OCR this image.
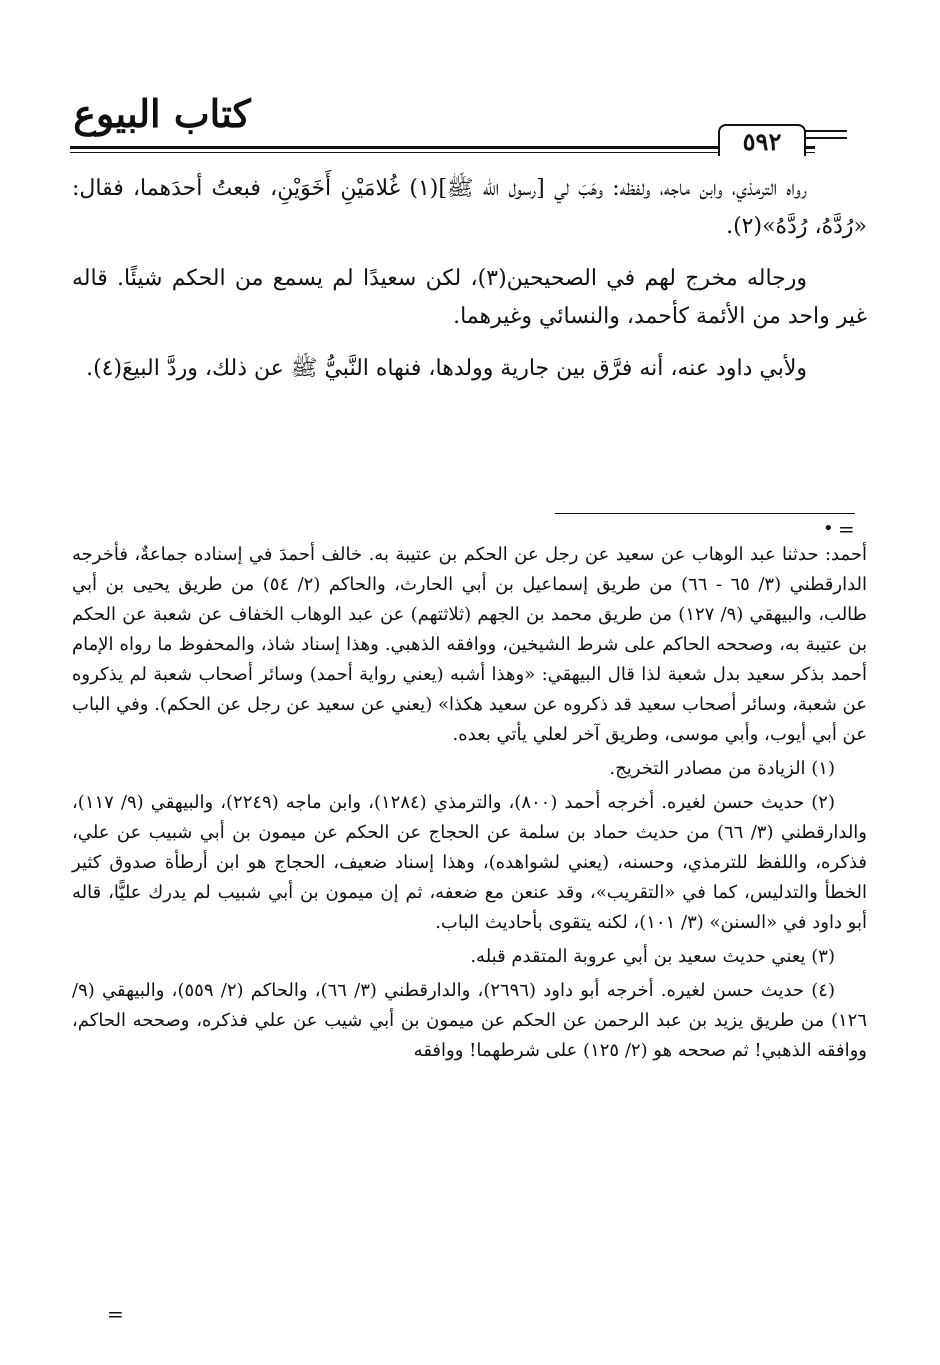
كتاب البيوع
٥٩٢

رواه الترمذي، وابن ماجه، ولفظه: وهَبَ لي [رسول الله ﷺ](١) غُلامَيْنِ أَخَوَيْنِ، فبعتُ أحدَهما، فقال: «رُدَّهُ، رُدَّهُ»(٢).

ورجاله مخرج لهم في الصحيحين(٣)، لكن سعيدًا لم يسمع من الحكم شيئًا. قاله غير واحد من الأئمة كأحمد، والنسائي وغيرهما.

ولأبي داود عنه، أنه فرَّق بين جارية وولدها، فنهاه النَّبيُّ ﷺ عن ذلك، وردَّ البيعَ(٤).

=
•

أحمد: حدثنا عبد الوهاب عن سعيد عن رجل عن الحكم بن عتيبة به. خالف أحمدَ في إسناده جماعةٌ، فأخرجه الدارقطني (٣/ ٦٥ - ٦٦) من طريق إسماعيل بن أبي الحارث، والحاكم (٢/ ٥٤) من طريق يحيى بن أبي طالب، والبيهقي (٩/ ١٢٧) من طريق محمد بن الجهم (ثلاثتهم) عن عبد الوهاب الخفاف عن شعبة عن الحكم بن عتيبة به، وصححه الحاكم على شرط الشيخين، ووافقه الذهبي. وهذا إسناد شاذ، والمحفوظ ما رواه الإمام أحمد بذكر سعيد بدل شعبة لذا قال البيهقي: «وهذا أشبه (يعني رواية أحمد) وسائر أصحاب شعبة لم يذكروه عن شعبة، وسائر أصحاب سعيد قد ذكروه عن سعيد هكذا» (يعني عن سعيد عن رجل عن الحكم). وفي الباب عن أبي أيوب، وأبي موسى، وطريق آخر لعلي يأتي بعده.

(١) الزيادة من مصادر التخريج.

(٢) حديث حسن لغيره. أخرجه أحمد (٨٠٠)، والترمذي (١٢٨٤)، وابن ماجه (٢٢٤٩)، والبيهقي (٩/ ١١٧)، والدارقطني (٣/ ٦٦) من حديث حماد بن سلمة عن الحجاج عن الحكم عن ميمون بن أبي شبيب عن علي، فذكره، واللفظ للترمذي، وحسنه، (يعني لشواهده)، وهذا إسناد ضعيف، الحجاج هو ابن أرطأة صدوق كثير الخطأ والتدليس، كما في «التقريب»، وقد عنعن مع ضعفه، ثم إن ميمون بن أبي شبيب لم يدرك عليًّا، قاله أبو داود في «السنن» (٣/ ١٠١)، لكنه يتقوى بأحاديث الباب.

(٣) يعني حديث سعيد بن أبي عروبة المتقدم قبله.

(٤) حديث حسن لغيره. أخرجه أبو داود (٢٦٩٦)، والدارقطني (٣/ ٦٦)، والحاكم (٢/ ٥٥٩)، والبيهقي (٩/ ١٢٦) من طريق يزيد بن عبد الرحمن عن الحكم عن ميمون بن أبي شيب عن علي فذكره، وصححه الحاكم، ووافقه الذهبي! ثم صححه هو (٢/ ١٢٥) على شرطهما! ووافقه

=
